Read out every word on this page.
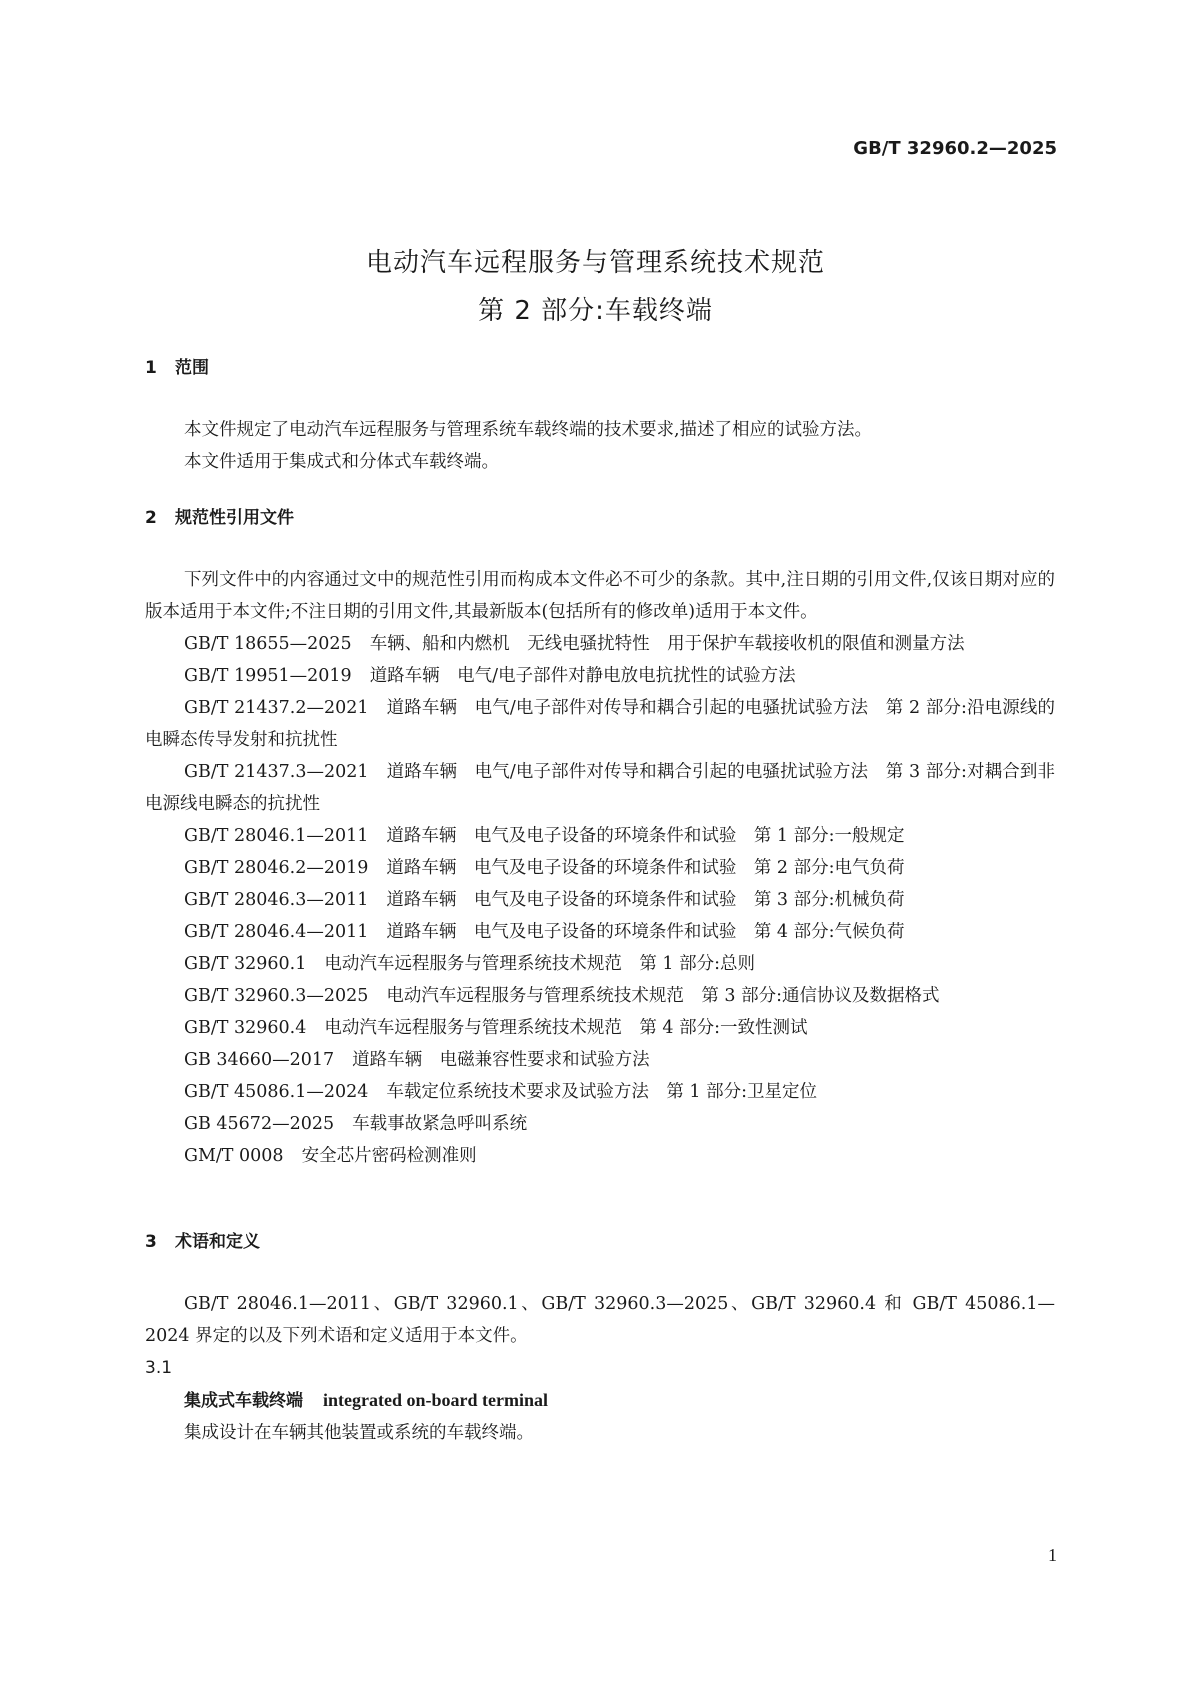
GB/T 32960.2—2025
电动汽车远程服务与管理系统技术规范
第 2 部分:车载终端
1 范围
本文件规定了电动汽车远程服务与管理系统车载终端的技术要求,描述了相应的试验方法。
本文件适用于集成式和分体式车载终端。
2 规范性引用文件
下列文件中的内容通过文中的规范性引用而构成本文件必不可少的条款。其中,注日期的引用文件,仅该日期对应的版本适用于本文件;不注日期的引用文件,其最新版本(包括所有的修改单)适用于本文件。
GB/T 18655—2025 车辆、船和内燃机　无线电骚扰特性　用于保护车载接收机的限值和测量方法
GB/T 19951—2019 道路车辆　电气/电子部件对静电放电抗扰性的试验方法
GB/T 21437.2—2021 道路车辆　电气/电子部件对传导和耦合引起的电骚扰试验方法　第 2 部分:沿电源线的电瞬态传导发射和抗扰性
GB/T 21437.3—2021 道路车辆　电气/电子部件对传导和耦合引起的电骚扰试验方法　第 3 部分:对耦合到非电源线电瞬态的抗扰性
GB/T 28046.1—2011 道路车辆　电气及电子设备的环境条件和试验　第 1 部分:一般规定
GB/T 28046.2—2019 道路车辆　电气及电子设备的环境条件和试验　第 2 部分:电气负荷
GB/T 28046.3—2011 道路车辆　电气及电子设备的环境条件和试验　第 3 部分:机械负荷
GB/T 28046.4—2011 道路车辆　电气及电子设备的环境条件和试验　第 4 部分:气候负荷
GB/T 32960.1 电动汽车远程服务与管理系统技术规范　第 1 部分:总则
GB/T 32960.3—2025 电动汽车远程服务与管理系统技术规范　第 3 部分:通信协议及数据格式
GB/T 32960.4 电动汽车远程服务与管理系统技术规范　第 4 部分:一致性测试
GB 34660—2017 道路车辆　电磁兼容性要求和试验方法
GB/T 45086.1—2024 车载定位系统技术要求及试验方法　第 1 部分:卫星定位
GB 45672—2025 车载事故紧急呼叫系统
GM/T 0008 安全芯片密码检测准则
3 术语和定义
GB/T 28046.1—2011、GB/T 32960.1、GB/T 32960.3—2025、GB/T 32960.4 和 GB/T 45086.1—2024 界定的以及下列术语和定义适用于本文件。
3.1
集成式车载终端 integrated on-board terminal
集成设计在车辆其他装置或系统的车载终端。
1
